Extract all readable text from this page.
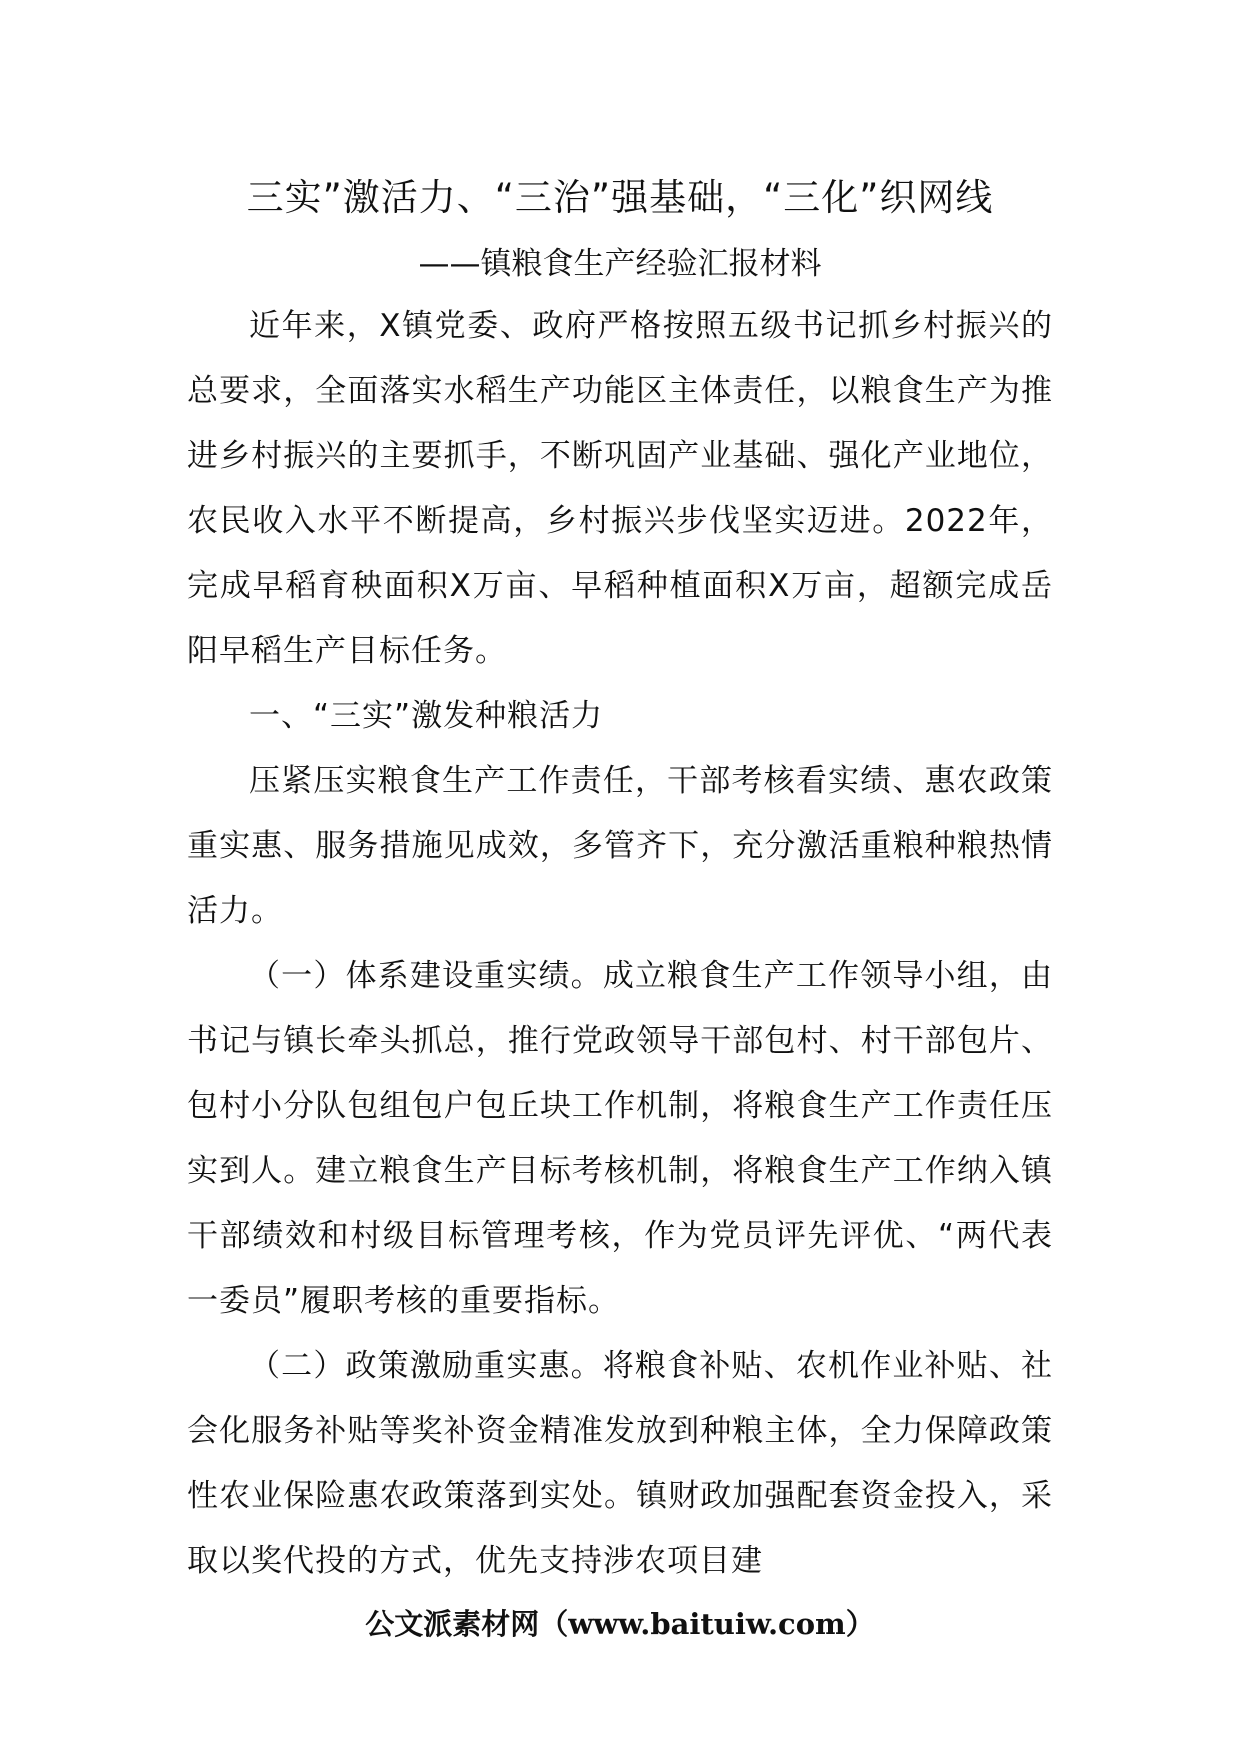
三实”激活力、“三治”强基础，“三化”织网线
——镇粮食生产经验汇报材料

近年来，X镇党委、政府严格按照五级书记抓乡村振兴的总要求，全面落实水稻生产功能区主体责任，以粮食生产为推进乡村振兴的主要抓手，不断巩固产业基础、强化产业地位，农民收入水平不断提高，乡村振兴步伐坚实迈进。2022年，完成早稻育秧面积X万亩、早稻种植面积X万亩，超额完成岳阳早稻生产目标任务。

一、“三实”激发种粮活力

压紧压实粮食生产工作责任，干部考核看实绩、惠农政策重实惠、服务措施见成效，多管齐下，充分激活重粮种粮热情活力。

（一）体系建设重实绩。成立粮食生产工作领导小组，由书记与镇长牵头抓总，推行党政领导干部包村、村干部包片、包村小分队包组包户包丘块工作机制，将粮食生产工作责任压实到人。建立粮食生产目标考核机制，将粮食生产工作纳入镇干部绩效和村级目标管理考核，作为党员评先评优、“两代表一委员”履职考核的重要指标。

（二）政策激励重实惠。将粮食补贴、农机作业补贴、社会化服务补贴等奖补资金精准发放到种粮主体，全力保障政策性农业保险惠农政策落到实处。镇财政加强配套资金投入，采取以奖代投的方式，优先支持涉农项目建

公文派素材网（www.baituiw.com）
